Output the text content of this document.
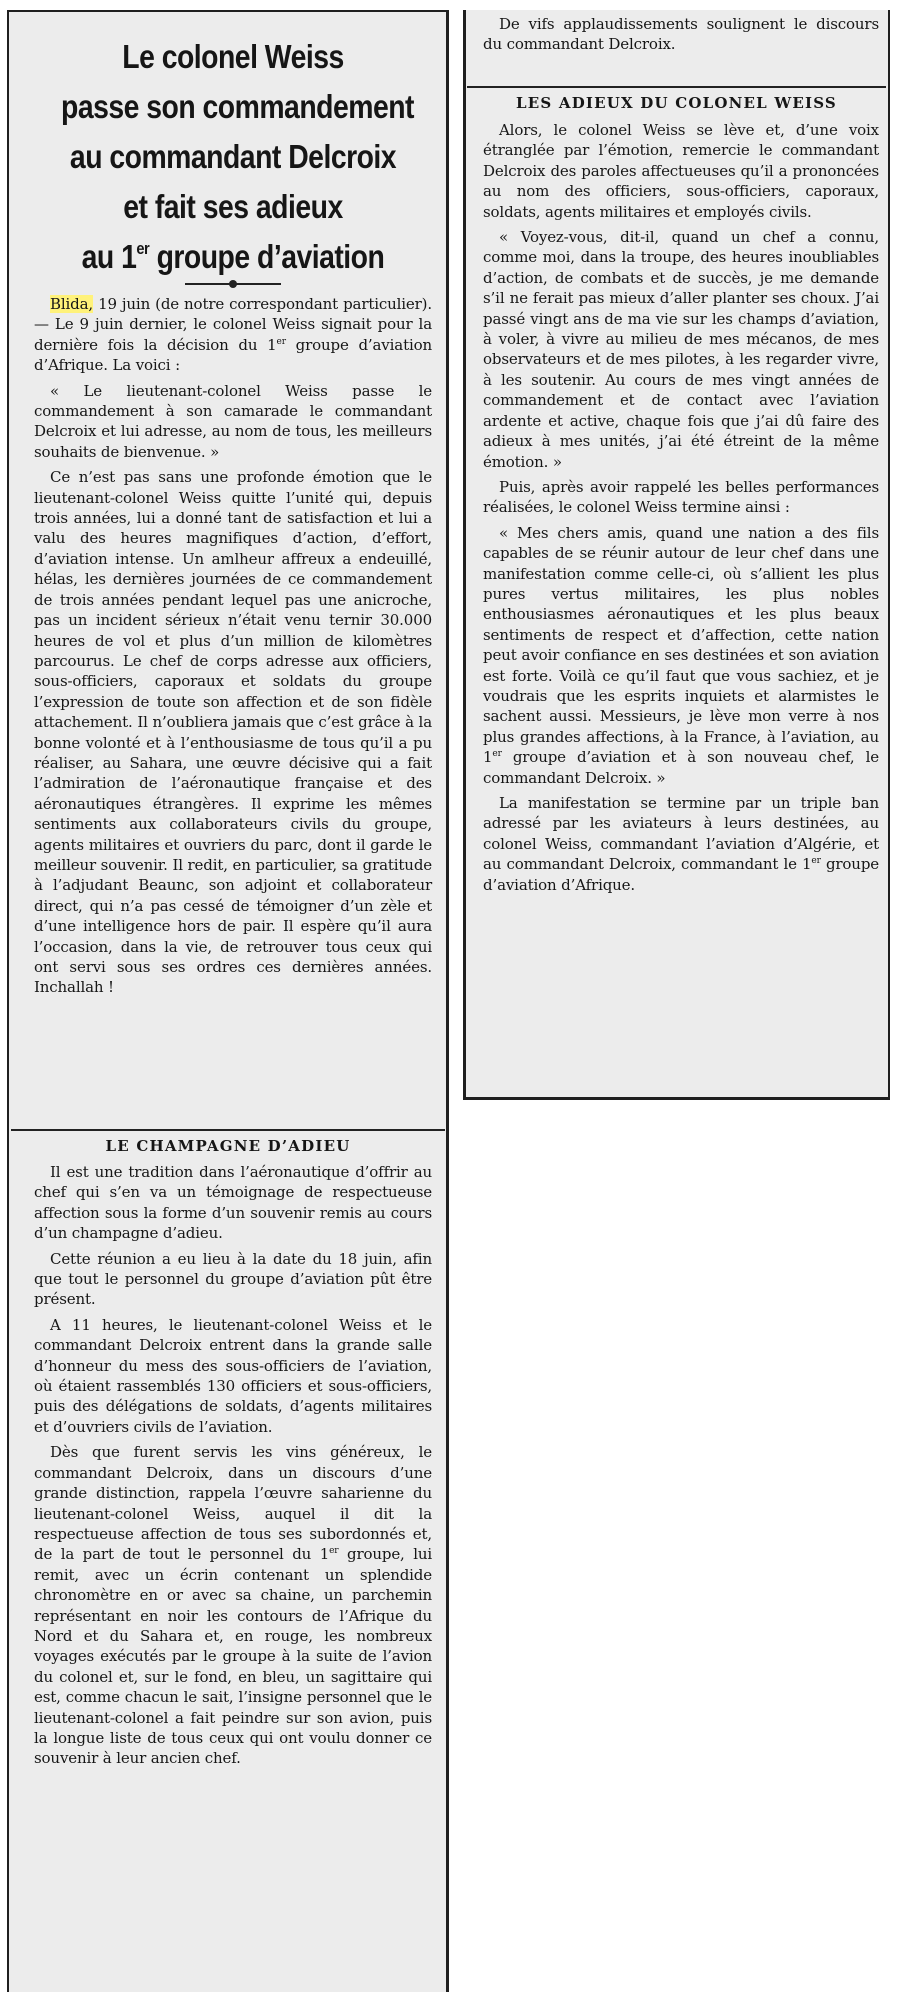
Le colonel Weiss
passe son commandement
au commandant Delcroix
et fait ses adieux
au 1er groupe d’aviation

Blida, 19 juin (de notre correspondant particulier). — Le 9 juin dernier, le colonel Weiss signait pour la dernière fois la décision du 1er groupe d’aviation d’Afrique. La voici :

« Le lieutenant-colonel Weiss passe le commandement à son camarade le commandant Delcroix et lui adresse, au nom de tous, les meilleurs souhaits de bienvenue. »

Ce n’est pas sans une profonde émotion que le lieutenant-colonel Weiss quitte l’unité qui, depuis trois années, lui a donné tant de satisfaction et lui a valu des heures magnifiques d’action, d’effort, d’aviation intense. Un amlheur affreux a endeuillé, hélas, les dernières journées de ce commandement de trois années pendant lequel pas une anicroche, pas un incident sérieux n’était venu ternir 30.000 heures de vol et plus d’un million de kilomètres parcourus. Le chef de corps adresse aux officiers, sous-officiers, caporaux et soldats du groupe l’expression de toute son affection et de son fidèle attachement. Il n’oubliera jamais que c’est grâce à la bonne volonté et à l’enthousiasme de tous qu’il a pu réaliser, au Sahara, une œuvre décisive qui a fait l’admiration de l’aéronautique française et des aéronautiques étrangères. Il exprime les mêmes sentiments aux collaborateurs civils du groupe, agents militaires et ouvriers du parc, dont il garde le meilleur souvenir. Il redit, en particulier, sa gratitude à l’adjudant Beaunc, son adjoint et collaborateur direct, qui n’a pas cessé de témoigner d’un zèle et d’une intelligence hors de pair. Il espère qu’il aura l’occasion, dans la vie, de retrouver tous ceux qui ont servi sous ses ordres ces dernières années. Inchallah !

LE CHAMPAGNE D’ADIEU

Il est une tradition dans l’aéronautique d’offrir au chef qui s’en va un témoignage de respectueuse affection sous la forme d’un souvenir remis au cours d’un champagne d’adieu.

Cette réunion a eu lieu à la date du 18 juin, afin que tout le personnel du groupe d’aviation pût être présent.

A 11 heures, le lieutenant-colonel Weiss et le commandant Delcroix entrent dans la grande salle d’honneur du mess des sous-officiers de l’aviation, où étaient rassemblés 130 officiers et sous-officiers, puis des délégations de soldats, d’agents militaires et d’ouvriers civils de l’aviation.

Dès que furent servis les vins généreux, le commandant Delcroix, dans un discours d’une grande distinction, rappela l’œuvre saharienne du lieutenant-colonel Weiss, auquel il dit la respectueuse affection de tous ses subordonnés et, de la part de tout le personnel du 1er groupe, lui remit, avec un écrin contenant un splendide chronomètre en or avec sa chaine, un parchemin représentant en noir les contours de l’Afrique du Nord et du Sahara et, en rouge, les nombreux voyages exécutés par le groupe à la suite de l’avion du colonel et, sur le fond, en bleu, un sagittaire qui est, comme chacun le sait, l’insigne personnel que le lieutenant-colonel a fait peindre sur son avion, puis la longue liste de tous ceux qui ont voulu donner ce souvenir à leur ancien chef.

De vifs applaudissements soulignent le discours du commandant Delcroix.

LES ADIEUX DU COLONEL WEISS

Alors, le colonel Weiss se lève et, d’une voix étranglée par l’émotion, remercie le commandant Delcroix des paroles affectueuses qu’il a prononcées au nom des officiers, sous-officiers, caporaux, soldats, agents militaires et employés civils.

« Voyez-vous, dit-il, quand un chef a connu, comme moi, dans la troupe, des heures inoubliables d’action, de combats et de succès, je me demande s’il ne ferait pas mieux d’aller planter ses choux. J’ai passé vingt ans de ma vie sur les champs d’aviation, à voler, à vivre au milieu de mes mécanos, de mes observateurs et de mes pilotes, à les regarder vivre, à les soutenir. Au cours de mes vingt années de commandement et de contact avec l’aviation ardente et active, chaque fois que j’ai dû faire des adieux à mes unités, j’ai été étreint de la même émotion. »

Puis, après avoir rappelé les belles performances réalisées, le colonel Weiss termine ainsi :

« Mes chers amis, quand une nation a des fils capables de se réunir autour de leur chef dans une manifestation comme celle-ci, où s’allient les plus pures vertus militaires, les plus nobles enthousiasmes aéronautiques et les plus beaux sentiments de respect et d’affection, cette nation peut avoir confiance en ses destinées et son aviation est forte. Voilà ce qu’il faut que vous sachiez, et je voudrais que les esprits inquiets et alarmistes le sachent aussi. Messieurs, je lève mon verre à nos plus grandes affections, à la France, à l’aviation, au 1er groupe d’aviation et à son nouveau chef, le commandant Delcroix. »

La manifestation se termine par un triple ban adressé par les aviateurs à leurs destinées, au colonel Weiss, commandant l’aviation d’Algérie, et au commandant Delcroix, commandant le 1er groupe d’aviation d’Afrique.
